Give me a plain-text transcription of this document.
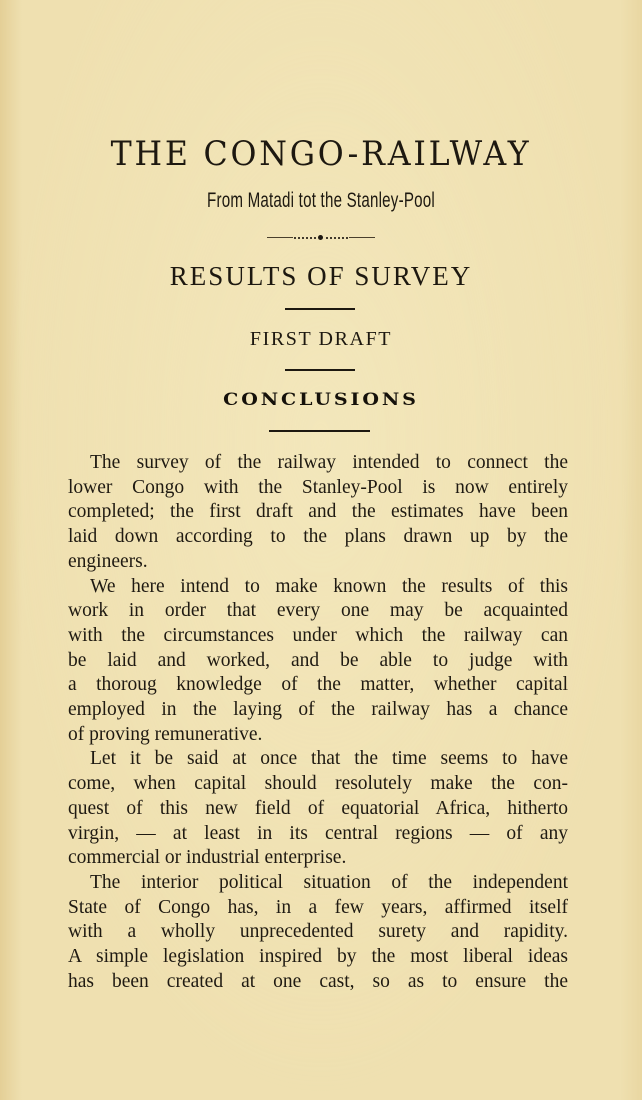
THE CONGO-RAILWAY
From Matadi tot the Stanley-Pool
RESULTS OF SURVEY
FIRST DRAFT
CONCLUSIONS

The survey of the railway intended to connect the
lower Congo with the Stanley-Pool is now entirely
completed; the first draft and the estimates have been
laid down according to the plans drawn up by the
engineers.

We here intend to make known the results of this
work in order that every one may be acquainted
with the circumstances under which the railway can
be laid and worked, and be able to judge with
a thoroug knowledge of the matter, whether capital
employed in the laying of the railway has a chance
of proving remunerative.

Let it be said at once that the time seems to have
come, when capital should resolutely make the con-
quest of this new field of equatorial Africa, hitherto
virgin, — at least in its central regions — of any
commercial or industrial enterprise.

The interior political situation of the independent
State of Congo has, in a few years, affirmed itself
with a wholly unprecedented surety and rapidity.
A simple legislation inspired by the most liberal ideas
has been created at one cast, so as to ensure the
